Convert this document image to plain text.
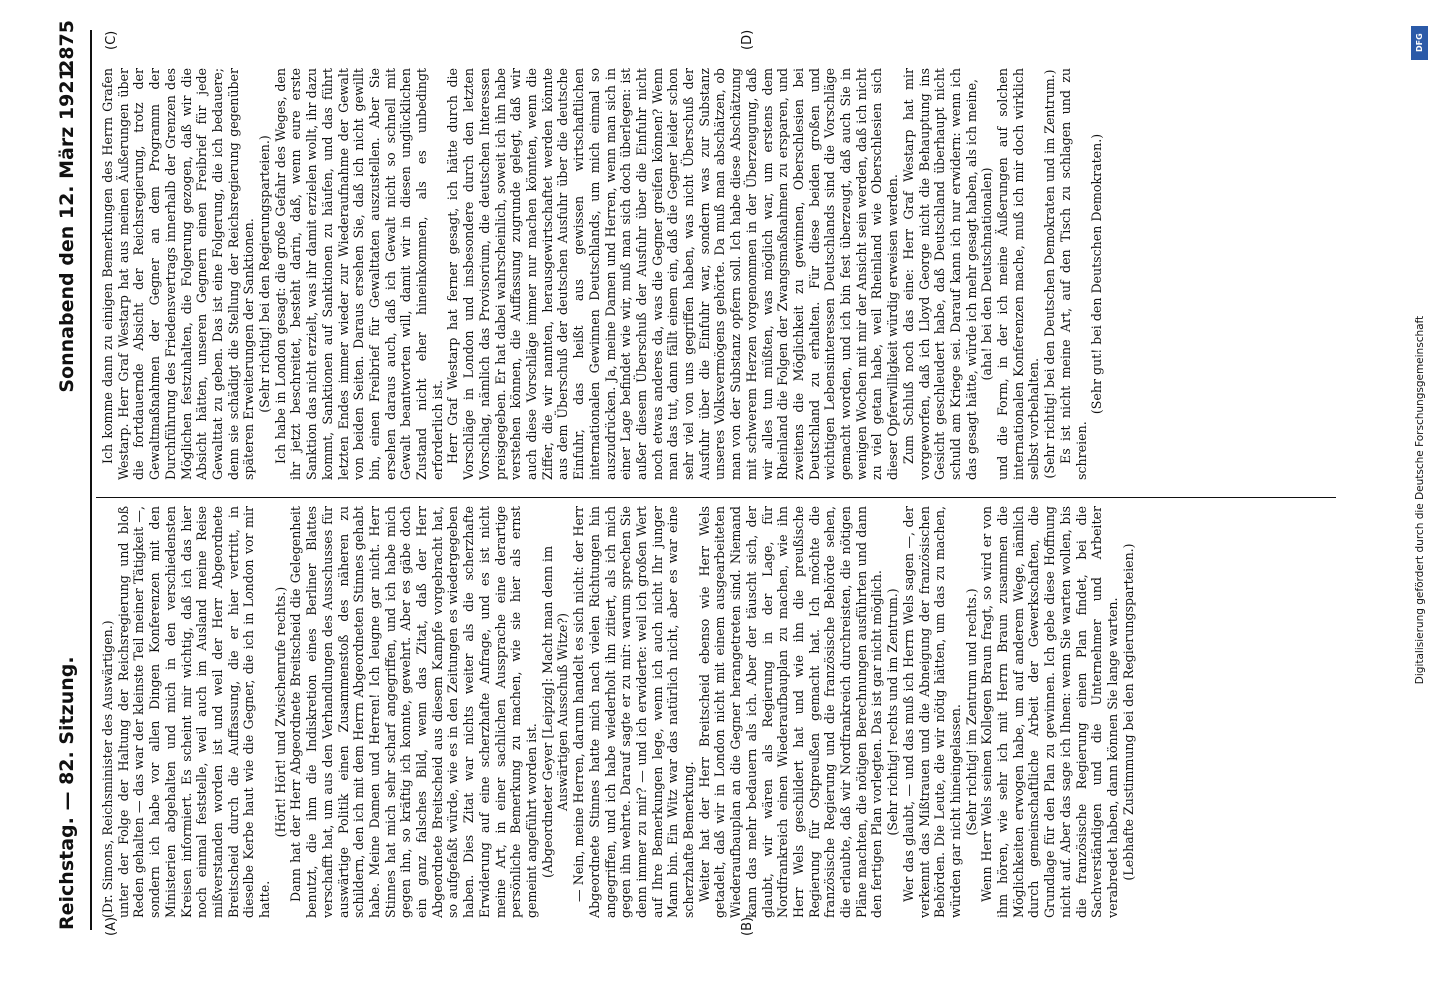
Reichstag. — 82. Sitzung.
Sonnabend den 12. März 1921.
2875
(A)	(B)
(C)	(D)

(Dr. Simons, Reichsminister des Auswärtigen.) unter der Folge der Haltung der Reichsregierung und bloß Reden gehalten — das war der kleinste Teil meiner Tätigkeit —, sondern ich habe vor allen Dingen Konferenzen mit den Ministerien abgehalten und mich in den verschiedensten Kreisen informiert. Es scheint mir wichtig, daß ich das hier noch einmal feststelle, weil auch im Ausland meine Reise mißverstanden worden ist und weil der Herr Abgeordnete Breitscheid durch die Auffassung, die er hier vertritt, in dieselbe Kerbe haut wie die Gegner, die ich in London vor mir hatte.

(Hört! Hört! und Zwischenrufe rechts.) Dann hat der Herr Abgeordnete Breitscheid die Gelegenheit benutzt, die ihm die Indiskretion eines Berliner Blattes verschafft hat, um aus den Verhandlungen des Ausschusses für auswärtige Politik einen Zusammenstoß des näheren zu schildern, den ich mit dem Herrn Abgeordneten Stinnes gehabt habe. Meine Damen und Herren! Ich leugne gar nicht. Herr Stinnes hat mich sehr scharf angegriffen, und ich habe mich gegen ihn, so kräftig ich konnte, gewehrt. Aber es gäbe doch ein ganz falsches Bild, wenn das Zitat, daß der Herr Abgeordnete Breitscheid aus diesem Kampfe vorgebracht hat, so aufgefaßt würde, wie es in den Zeitungen es wiedergegeben haben. Dies Zitat war nichts weiter als die scherzhafte Erwiderung auf eine scherzhafte Anfrage, und es ist nicht meine Art, in einer sachlichen Aussprache eine derartige persönliche Bemerkung zu machen, wie sie hier als ernst gemeint angeführt worden ist. (Abgeordneter Geyer [Leipzig]: Macht man denn im Auswärtigen Ausschuß Witze?) — Nein, meine Herren, darum handelt es sich nicht: der Herr Abgeordnete Stinnes hatte mich nach vielen Richtungen hin angegriffen, und ich habe wiederholt ihn zitiert, als ich mich gegen ihn wehrte. Darauf sagte er zu mir: warum sprechen Sie denn immer zu mir? — und ich erwiderte: weil ich großen Wert auf Ihre Bemerkungen lege, wenn ich auch nicht Ihr junger Mann bin. Ein Witz war das natürlich nicht, aber es war eine scherzhafte Bemerkung. Weiter hat der Herr Breitscheid ebenso wie Herr Wels getadelt, daß wir in London nicht mit einem ausgearbeiteten Wiederaufbauplan an die Gegner herangetreten sind. Niemand kann das mehr bedauern als ich. Aber der täuscht sich, der glaubt, wir wären als Regierung in der Lage, für Nordfrankreich einen Wiederaufbauplan zu machen, wie ihn Herr Wels geschildert hat und wie ihn die preußische Regierung für Ostpreußen gemacht hat. Ich möchte die französische Regierung und die französische Behörde sehen, die erlaubte, daß wir Nordfrankreich durchreisten, die nötigen Pläne machten, die nötigen Berechnungen ausführten und dann den fertigen Plan vorlegten. Das ist gar nicht möglich. (Sehr richtig! rechts und im Zentrum.) Wer das glaubt, — und das muß ich Herrn Wels sagen —, der verkennt das Mißtrauen und die Abneigung der französischen Behörden. Die Leute, die wir nötig hätten, um das zu machen, würden gar nicht hineingelassen. (Sehr richtig! im Zentrum und rechts.) Wenn Herr Wels seinen Kollegen Braun fragt, so wird er von ihm hören, wie sehr ich mit Herrn Braun zusammen die Möglichkeiten erwogen habe, um auf anderem Wege, nämlich durch gemeinschaftliche Arbeit der Gewerkschaften, die Grundlage für den Plan zu gewinnen. Ich gebe diese Hoffnung nicht auf. Aber das sage ich Ihnen: wenn Sie warten wollen, bis die französische Regierung einen Plan findet, bei die Sachverständigen und die Unternehmer und Arbeiter verabredet haben, dann können Sie lange warten. (Lebhafte Zustimmung bei den Regierungsparteien.)

Ich komme dann zu einigen Bemerkungen des Herrn Grafen Westarp. Herr Graf Westarp hat aus meinen Äußerungen über die fortdauernde Absicht der Reichsregierung, trotz der Gewaltmaßnahmen der Gegner an dem Programm der Durchführung des Friedensvertrags innerhalb der Grenzen des Möglichen festzuhalten, die Folgerung gezogen, daß wir die Absicht hätten, unseren Gegnern einen Freibrief für jede Gewalttat zu geben. Das ist eine Folgerung, die ich bedauere; denn sie schädigt die Stellung der Reichsregierung gegenüber späteren Erweiterungen der Sanktionen. (Sehr richtig! bei den Regierungsparteien.) Ich habe in London gesagt: die große Gefahr des Weges, den ihr jetzt beschreitet, besteht darin, daß, wenn eure erste Sanktion das nicht erzielt, was ihr damit erzielen wollt, ihr dazu kommt, Sanktionen auf Sanktionen zu häufen, und das führt letzten Endes immer wieder zur Wiederaufnahme der Gewalt von beiden Seiten. Daraus ersehen Sie, daß ich nicht gewillt bin, einen Freibrief für Gewalttaten auszustellen. Aber Sie ersehen daraus auch, daß ich Gewalt nicht so schnell mit Gewalt beantworten will, damit wir in diesen unglücklichen Zustand nicht eher hineinkommen, als es unbedingt erforderlich ist. Herr Graf Westarp hat ferner gesagt, ich hätte durch die Vorschläge in London und insbesondere durch den letzten Vorschlag, nämlich das Provisorium, die deutschen Interessen preisgegeben. Er hat dabei wahrscheinlich, soweit ich ihn habe verstehen können, die Auffassung zugrunde gelegt, daß wir auch diese Vorschläge immer nur machen könnten, wenn die Ziffer, die wir nannten, herausgewirtschaftet werden könnte aus dem Überschuß der deutschen Ausfuhr über die deutsche Einfuhr, das heißt aus gewissen wirtschaftlichen internationalen Gewinnen Deutschlands, um mich einmal so auszudrücken. Ja, meine Damen und Herren, wenn man sich in einer Lage befindet wie wir, muß man sich doch überlegen: ist außer diesem Überschuß der Ausfuhr über die Einfuhr nicht noch etwas anderes da, was die Gegner greifen können? Wenn man das tut, dann fällt einem ein, daß die Gegner leider schon sehr viel von uns gegriffen haben, was nicht Überschuß der Ausfuhr über die Einfuhr war, sondern was zur Substanz unseres Volksvermögens gehörte. Da muß man abschätzen, ob man von der Substanz opfern soll. Ich habe diese Abschätzung mit schwerem Herzen vorgenommen in der Überzeugung, daß wir alles tun müßten, was möglich war, um erstens dem Rheinland die Folgen der Zwangsmaßnahmen zu ersparen, und zweitens die Möglichkeit zu gewinnen, Oberschlesien bei Deutschland zu erhalten. Für diese beiden großen und wichtigen Lebensinteressen Deutschlands sind die Vorschläge gemacht worden, und ich bin fest überzeugt, daß auch Sie in wenigen Wochen mit mir der Ansicht sein werden, daß ich nicht zu viel getan habe, weil Rheinland wie Oberschlesien sich dieser Opferwilligkeit würdig erweisen werden. Zum Schluß noch das eine: Herr Graf Westarp hat mir vorgeworfen, daß ich Lloyd George nicht die Behauptung ins Gesicht geschleudert habe, daß Deutschland überhaupt nicht schuld am Kriege sei. Darauf kann ich nur erwidern: wenn ich das gesagt hätte, würde ich mehr gesagt haben, als ich meine, (aha! bei den Deutschnationalen) und die Form, in der ich meine Äußerungen auf solchen internationalen Konferenzen mache, muß ich mir doch wirklich selbst vorbehalten. (Sehr richtig! bei den Deutschen Demokraten und im Zentrum.) Es ist nicht meine Art, auf den Tisch zu schlagen und zu schreien.

(Sehr gut! bei den Deutschen Demokraten.)

Digitalisierung gefördert durch die Deutsche Forschungsgemeinschaft
DFG
